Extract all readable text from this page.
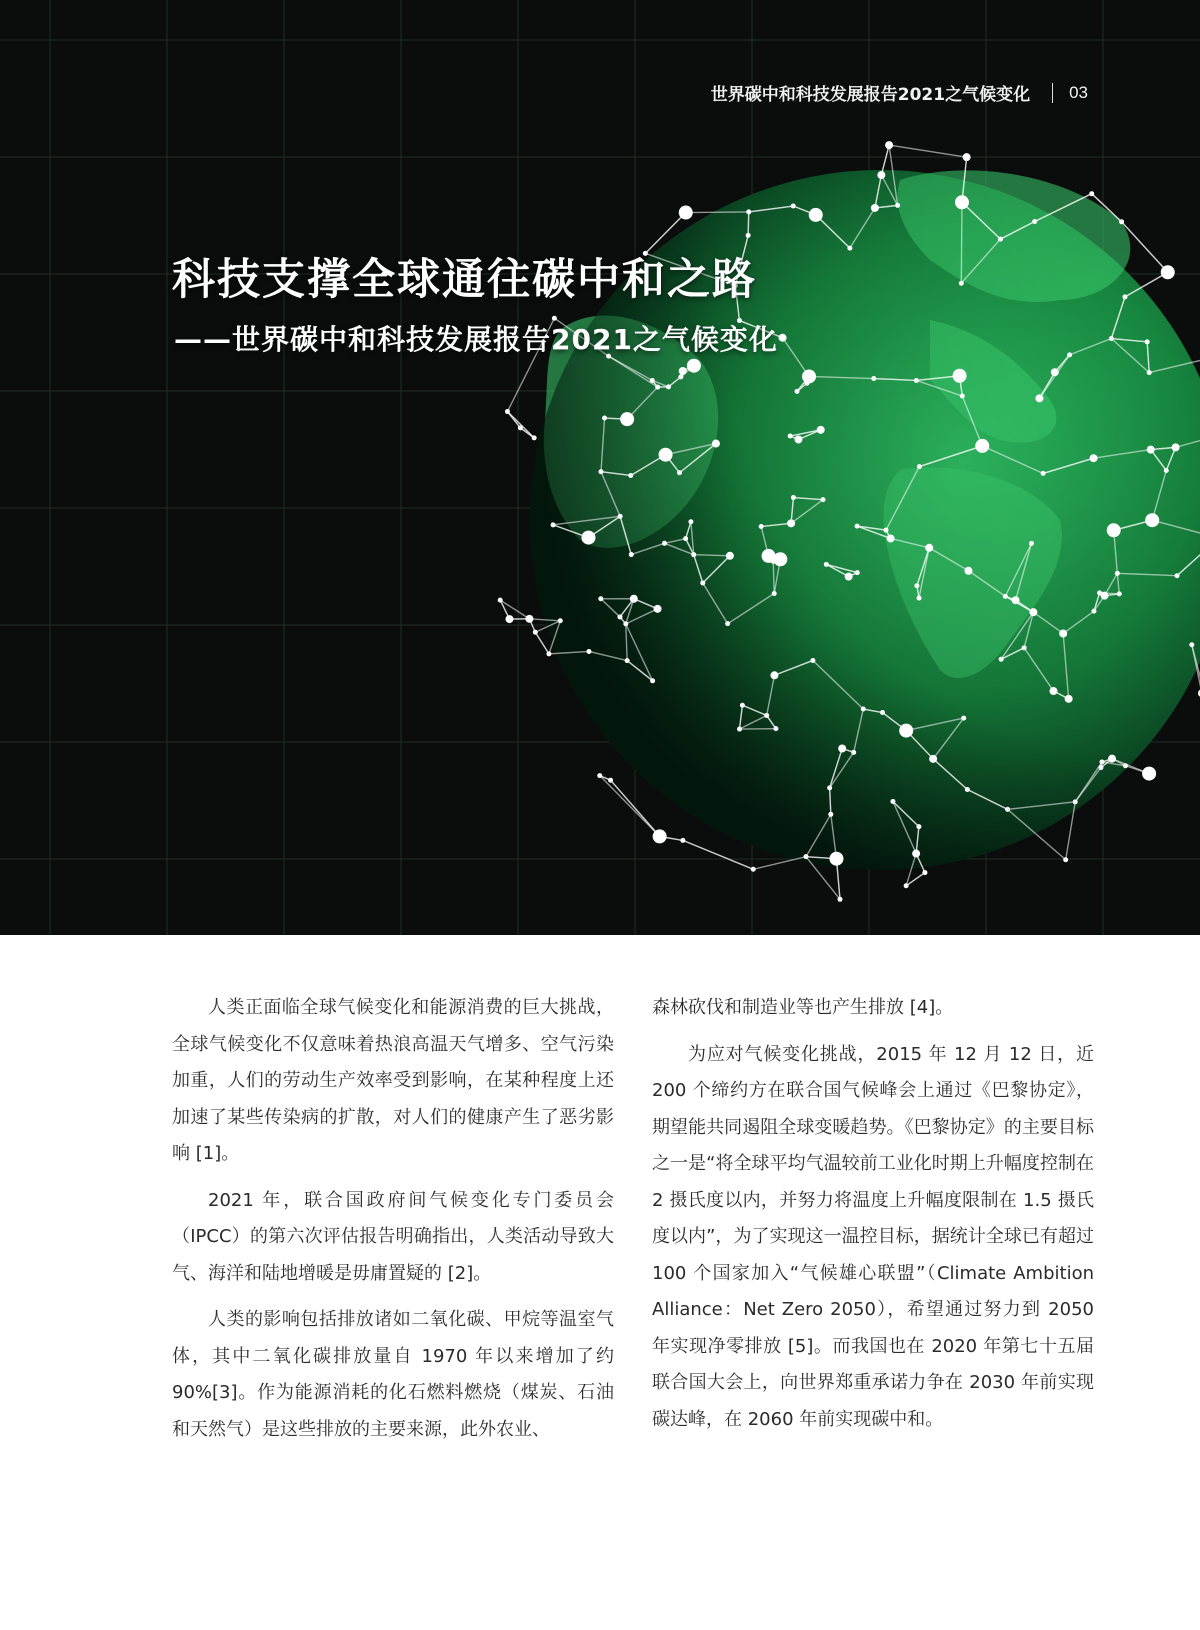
世界碳中和科技发展报告2021之气候变化 03
科技支撑全球通往碳中和之路
——世界碳中和科技发展报告2021之气候变化

人类正面临全球气候变化和能源消费的巨大挑战，全球气候变化不仅意味着热浪高温天气增多、空气污染加重，人们的劳动生产效率受到影响，在某种程度上还加速了某些传染病的扩散，对人们的健康产生了恶劣影响 [1]。

2021 年，联合国政府间气候变化专门委员会（IPCC）的第六次评估报告明确指出，人类活动导致大气、海洋和陆地增暖是毋庸置疑的 [2]。

人类的影响包括排放诸如二氧化碳、甲烷等温室气体，其中二氧化碳排放量自 1970 年以来增加了约 90%[3]。作为能源消耗的化石燃料燃烧（煤炭、石油和天然气）是这些排放的主要来源，此外农业、

森林砍伐和制造业等也产生排放 [4]。

为应对气候变化挑战，2015 年 12 月 12 日，近 200 个缔约方在联合国气候峰会上通过《巴黎协定》，期望能共同遏阻全球变暖趋势。《巴黎协定》的主要目标之一是“将全球平均气温较前工业化时期上升幅度控制在 2 摄氏度以内，并努力将温度上升幅度限制在 1.5 摄氏度以内”，为了实现这一温控目标，据统计全球已有超过 100 个国家加入“气候雄心联盟”（Climate Ambition Alliance：Net Zero 2050），希望通过努力到 2050 年实现净零排放 [5]。而我国也在 2020 年第七十五届联合国大会上，向世界郑重承诺力争在 2030 年前实现碳达峰，在 2060 年前实现碳中和。
